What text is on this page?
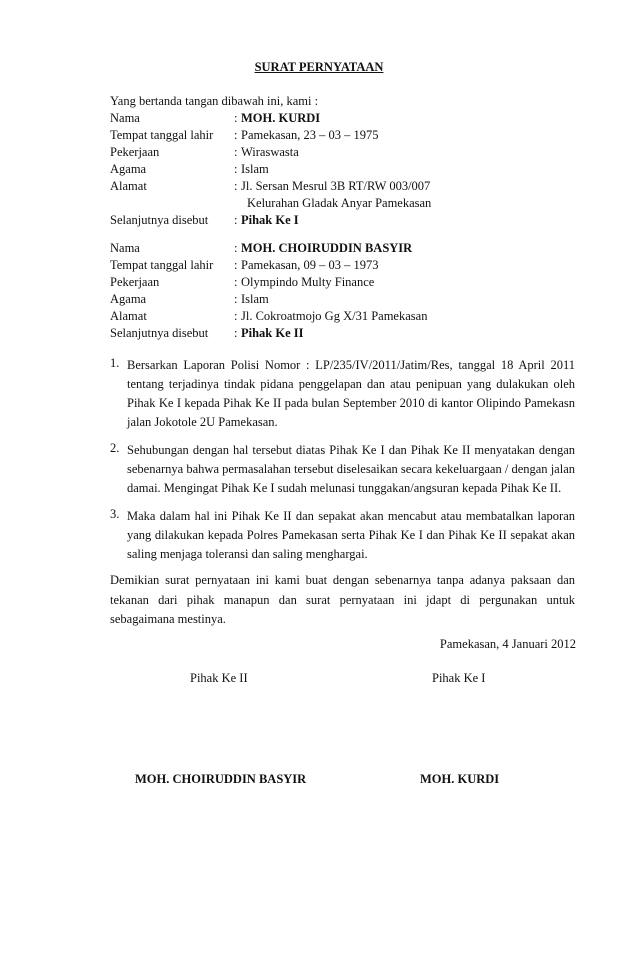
SURAT PERNYATAAN
Yang bertanda tangan dibawah ini, kami :
Nama	: MOH. KURDI
Tempat tanggal lahir : Pamekasan, 23 – 03 – 1975
Pekerjaan	: Wiraswasta
Agama	: Islam
Alamat	: Jl. Sersan Mesrul 3B RT/RW 003/007
Kelurahan Gladak Anyar Pamekasan
Selanjutnya disebut : Pihak Ke I
Nama	: MOH. CHOIRUDDIN BASYIR
Tempat tanggal lahir : Pamekasan, 09 – 03 – 1973
Pekerjaan	: Olympindo Multy Finance
Agama	: Islam
Alamat	: Jl. Cokroatmojo Gg X/31 Pamekasan
Selanjutnya disebut : Pihak Ke II
1. Bersarkan Laporan Polisi Nomor : LP/235/IV/2011/Jatim/Res, tanggal 18 April 2011 tentang terjadinya tindak pidana penggelapan dan atau penipuan yang dulakukan oleh Pihak Ke I kepada Pihak Ke II pada bulan September 2010 di kantor Olipindo Pamekasn jalan Jokotole 2U Pamekasan.
2. Sehubungan dengan hal tersebut diatas Pihak Ke I dan Pihak Ke II menyatakan dengan sebenarnya bahwa permasalahan tersebut diselesaikan secara kekeluargaan / dengan jalan damai. Mengingat Pihak Ke I sudah melunasi tunggakan/angsuran kepada Pihak Ke II.
3. Maka dalam hal ini Pihak Ke II dan sepakat akan mencabut atau membatalkan laporan yang dilakukan kepada Polres Pamekasan serta Pihak Ke I dan Pihak Ke II sepakat akan saling menjaga toleransi dan saling menghargai.
Demikian surat pernyataan ini kami buat dengan sebenarnya tanpa adanya paksaan dan tekanan dari pihak manapun dan surat pernyataan ini jdapt di pergunakan untuk sebagaimana mestinya.
Pamekasan, 4 Januari 2012
Pihak Ke II	Pihak Ke I
MOH. CHOIRUDDIN BASYIR	MOH. KURDI
